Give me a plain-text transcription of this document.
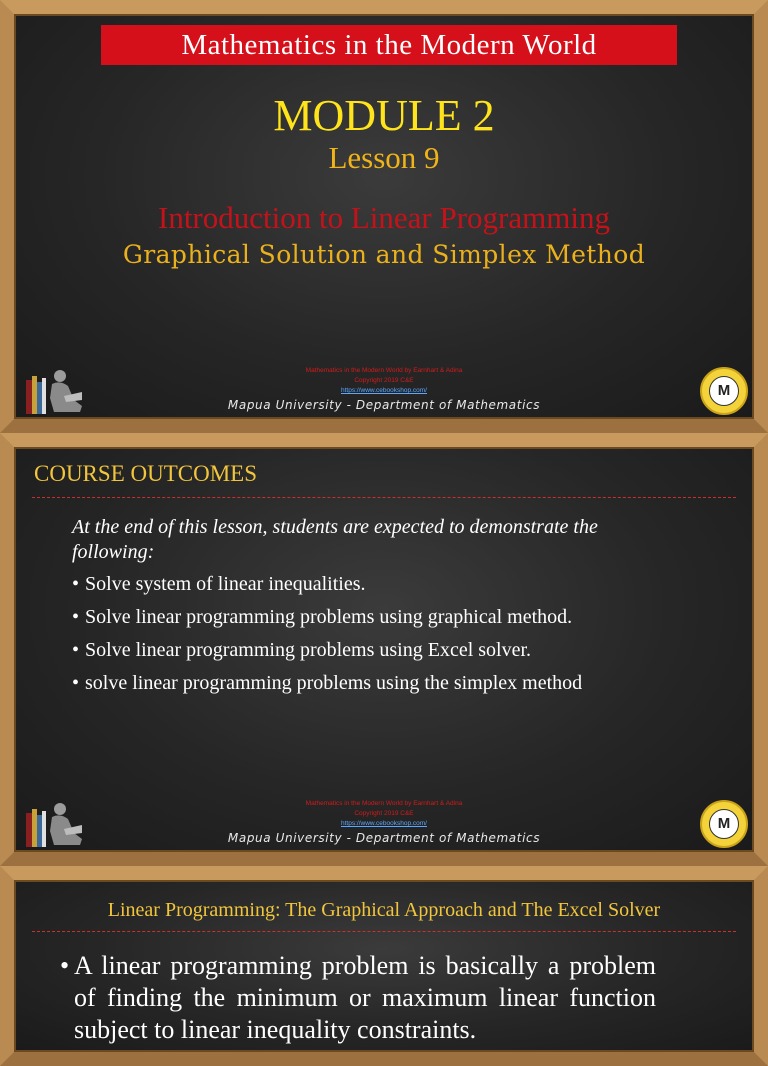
Mathematics in the Modern World
MODULE 2
Lesson 9
Introduction to Linear Programming
Graphical Solution and Simplex Method
M
Mathematics in the Modern World by Earnhart & Adina
Copyright 2019 C&E
https://www.cebookshop.com/
Mapua University - Department of Mathematics
COURSE OUTCOMES
At the end of this lesson, students are expected to demonstrate the following:
• Solve system of linear inequalities.
• Solve linear programming problems using graphical method.
• Solve linear programming problems using Excel solver.
• solve linear programming problems using the simplex method
M
Mathematics in the Modern World by Earnhart & Adina
Copyright 2019 C&E
https://www.cebookshop.com/
Mapua University - Department of Mathematics
Linear Programming: The Graphical Approach and The Excel Solver
• A linear programming problem is basically a problem of finding the minimum or maximum linear function subject to linear inequality constraints.
